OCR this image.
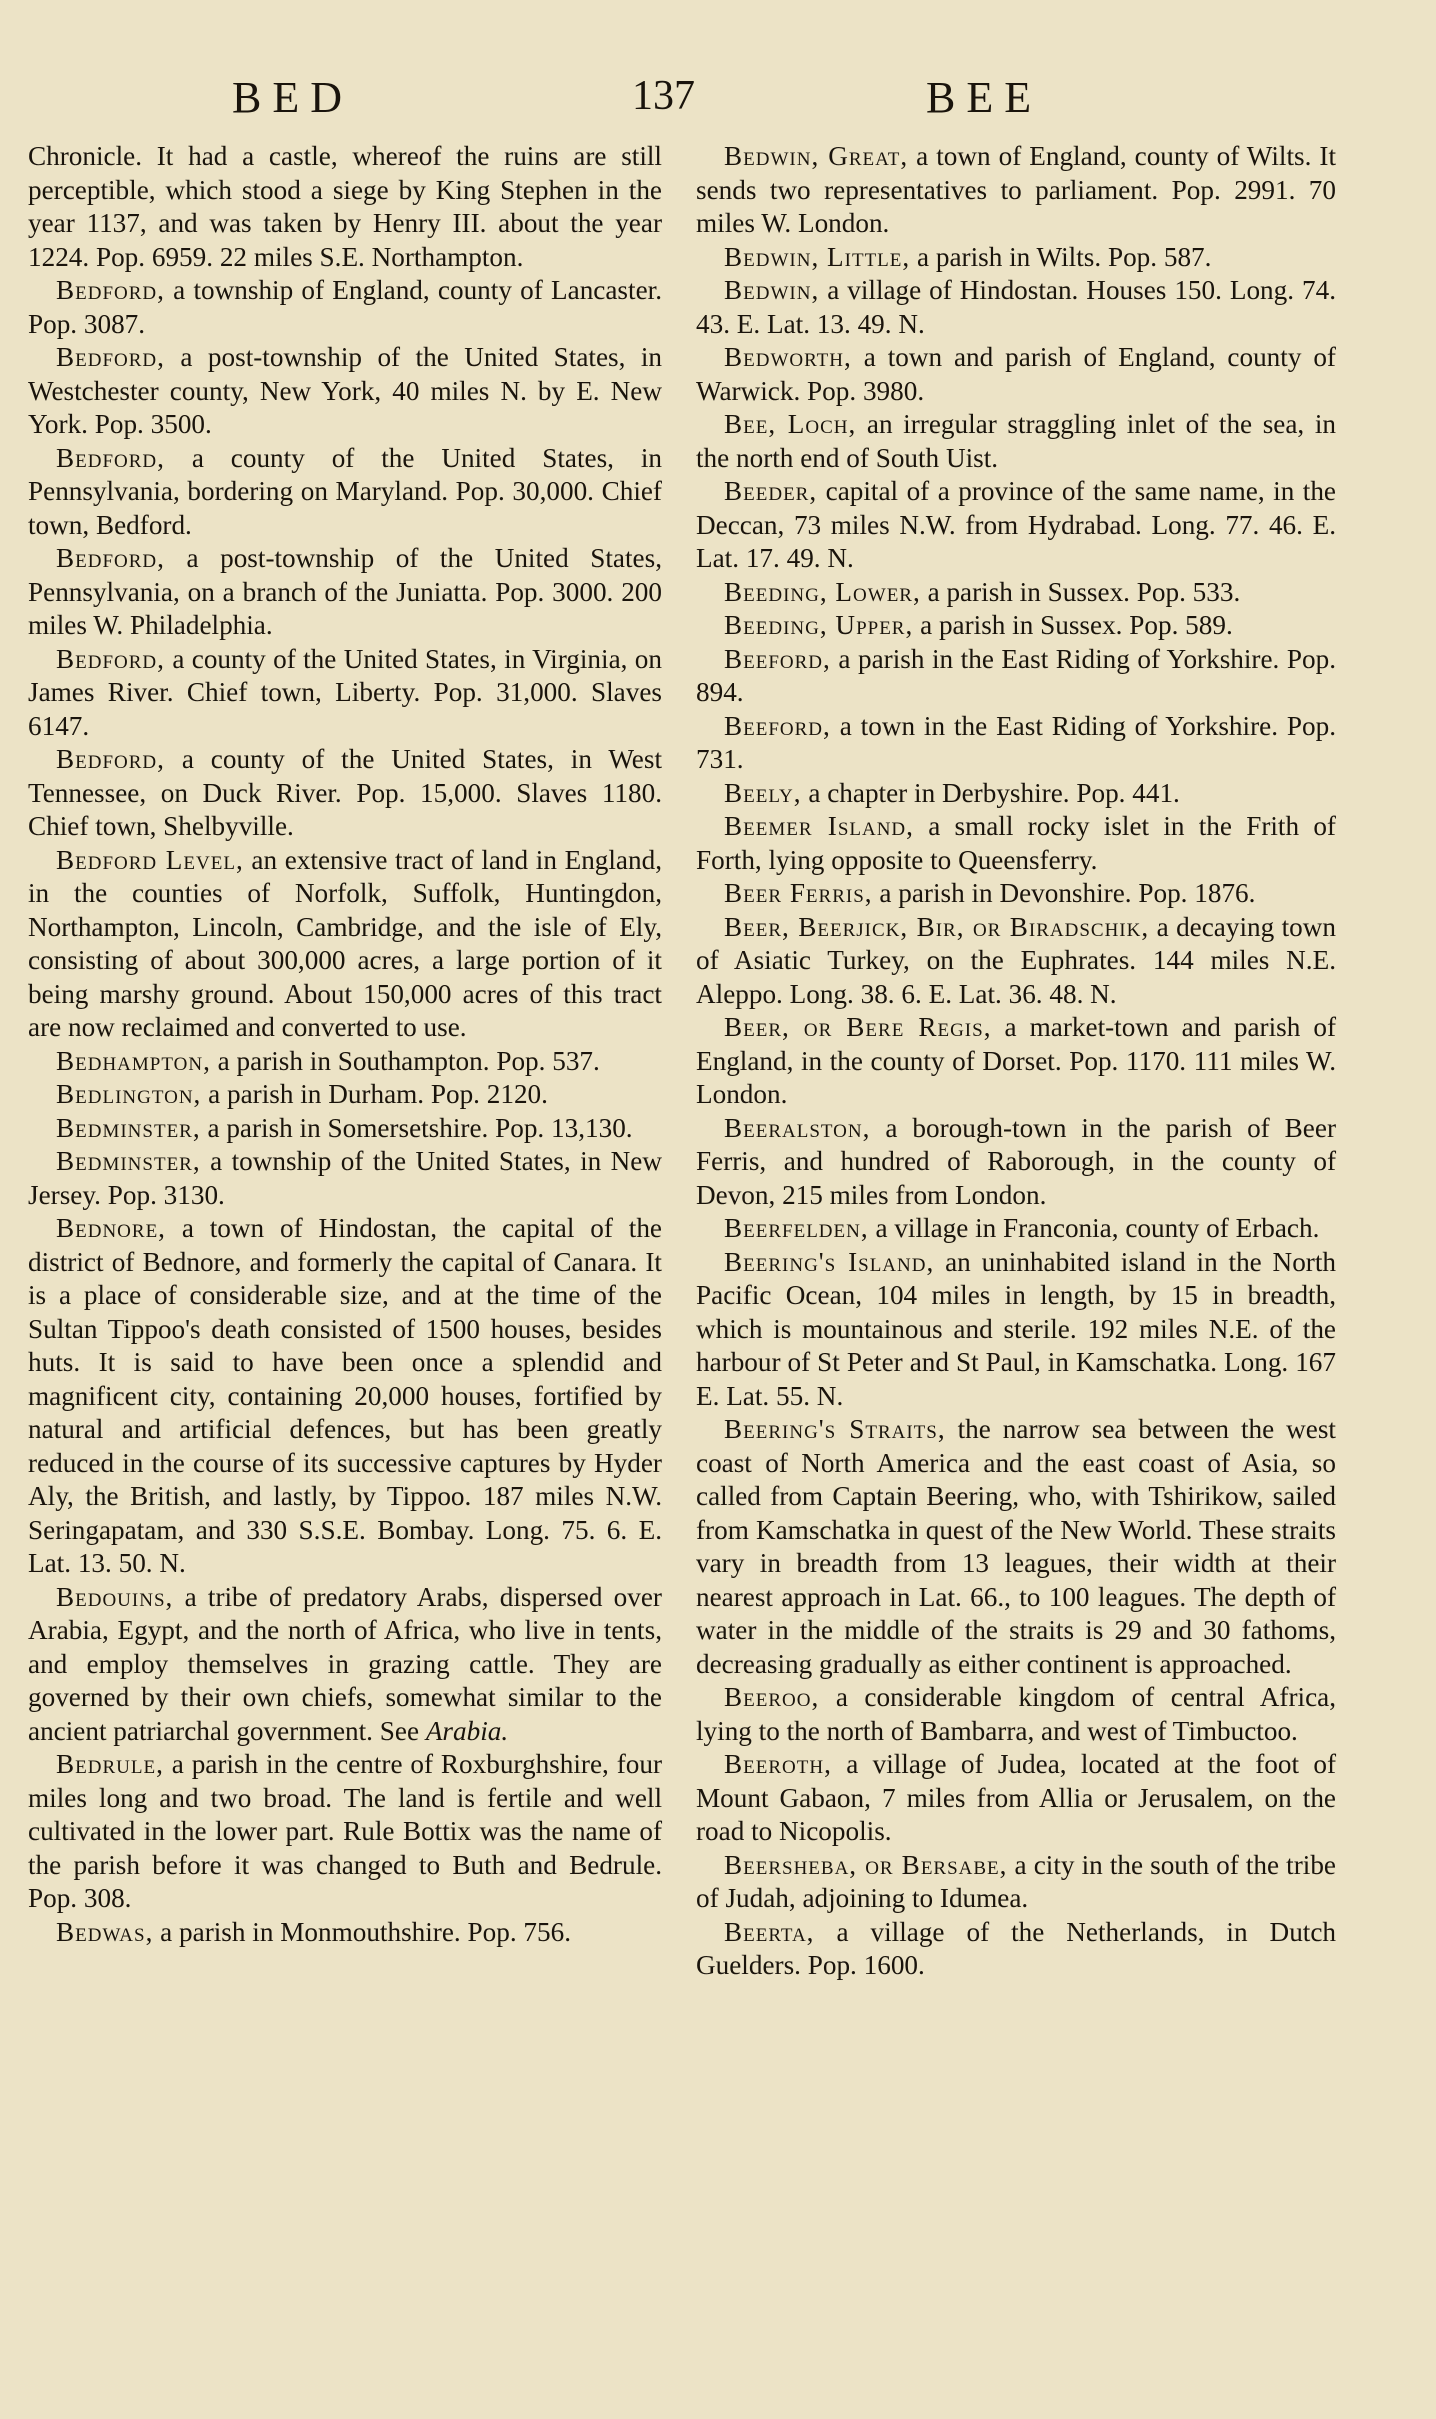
B E D	137	B E E

Chronicle. It had a castle, whereof the ruins are still perceptible, which stood a siege by King Stephen in the year 1137, and was taken by Henry III. about the year 1224. Pop. 6959. 22 miles S.E. Northampton.

Bedford, a township of England, county of Lancaster. Pop. 3087.

Bedford, a post-township of the United States, in Westchester county, New York, 40 miles N. by E. New York. Pop. 3500.

Bedford, a county of the United States, in Pennsylvania, bordering on Maryland. Pop. 30,000. Chief town, Bedford.

Bedford, a post-township of the United States, Pennsylvania, on a branch of the Juniatta. Pop. 3000. 200 miles W. Philadelphia.

Bedford, a county of the United States, in Virginia, on James River. Chief town, Liberty. Pop. 31,000. Slaves 6147.

Bedford, a county of the United States, in West Tennessee, on Duck River. Pop. 15,000. Slaves 1180. Chief town, Shelbyville.

Bedford Level, an extensive tract of land in England, in the counties of Norfolk, Suffolk, Huntingdon, Northampton, Lincoln, Cambridge, and the isle of Ely, consisting of about 300,000 acres, a large portion of it being marshy ground. About 150,000 acres of this tract are now reclaimed and converted to use.

Bedhampton, a parish in Southampton. Pop. 537.

Bedlington, a parish in Durham. Pop. 2120.

Bedminster, a parish in Somersetshire. Pop. 13,130.

Bedminster, a township of the United States, in New Jersey. Pop. 3130.

Bednore, a town of Hindostan, the capital of the district of Bednore, and formerly the capital of Canara. It is a place of considerable size, and at the time of the Sultan Tippoo's death consisted of 1500 houses, besides huts. It is said to have been once a splendid and magnificent city, containing 20,000 houses, fortified by natural and artificial defences, but has been greatly reduced in the course of its successive captures by Hyder Aly, the British, and lastly, by Tippoo. 187 miles N.W. Seringapatam, and 330 S.S.E. Bombay. Long. 75. 6. E. Lat. 13. 50. N.

Bedouins, a tribe of predatory Arabs, dispersed over Arabia, Egypt, and the north of Africa, who live in tents, and employ themselves in grazing cattle. They are governed by their own chiefs, somewhat similar to the ancient patriarchal government. See Arabia.

Bedrule, a parish in the centre of Roxburghshire, four miles long and two broad. The land is fertile and well cultivated in the lower part. Rule Bottix was the name of the parish before it was changed to Buth and Bedrule. Pop. 308.

Bedwas, a parish in Monmouthshire. Pop. 756.

Bedwin, Great, a town of England, county of Wilts. It sends two representatives to parliament. Pop. 2991. 70 miles W. London.

Bedwin, Little, a parish in Wilts. Pop. 587.

Bedwin, a village of Hindostan. Houses 150. Long. 74. 43. E. Lat. 13. 49. N.

Bedworth, a town and parish of England, county of Warwick. Pop. 3980.

Bee, Loch, an irregular straggling inlet of the sea, in the north end of South Uist.

Beeder, capital of a province of the same name, in the Deccan, 73 miles N.W. from Hydrabad. Long. 77. 46. E. Lat. 17. 49. N.

Beeding, Lower, a parish in Sussex. Pop. 533.

Beeding, Upper, a parish in Sussex. Pop. 589.

Beeford, a parish in the East Riding of Yorkshire. Pop. 894.

Beeford, a town in the East Riding of Yorkshire. Pop. 731.

Beely, a chapter in Derbyshire. Pop. 441.

Beemer Island, a small rocky islet in the Frith of Forth, lying opposite to Queensferry.

Beer Ferris, a parish in Devonshire. Pop. 1876.

Beer, Beerjick, Bir, or Biradschik, a decaying town of Asiatic Turkey, on the Euphrates. 144 miles N.E. Aleppo. Long. 38. 6. E. Lat. 36. 48. N.

Beer, or Bere Regis, a market-town and parish of England, in the county of Dorset. Pop. 1170. 111 miles W. London.

Beeralston, a borough-town in the parish of Beer Ferris, and hundred of Raborough, in the county of Devon, 215 miles from London.

Beerfelden, a village in Franconia, county of Erbach.

Beering's Island, an uninhabited island in the North Pacific Ocean, 104 miles in length, by 15 in breadth, which is mountainous and sterile. 192 miles N.E. of the harbour of St Peter and St Paul, in Kamschatka. Long. 167 E. Lat. 55. N.

Beering's Straits, the narrow sea between the west coast of North America and the east coast of Asia, so called from Captain Beering, who, with Tshirikow, sailed from Kamschatka in quest of the New World. These straits vary in breadth from 13 leagues, their width at their nearest approach in Lat. 66., to 100 leagues. The depth of water in the middle of the straits is 29 and 30 fathoms, decreasing gradually as either continent is approached.

Beeroo, a considerable kingdom of central Africa, lying to the north of Bambarra, and west of Timbuctoo.

Beeroth, a village of Judea, located at the foot of Mount Gabaon, 7 miles from Allia or Jerusalem, on the road to Nicopolis.

Beersheba, or Bersabe, a city in the south of the tribe of Judah, adjoining to Idumea.

Beerta, a village of the Netherlands, in Dutch Guelders. Pop. 1600.
